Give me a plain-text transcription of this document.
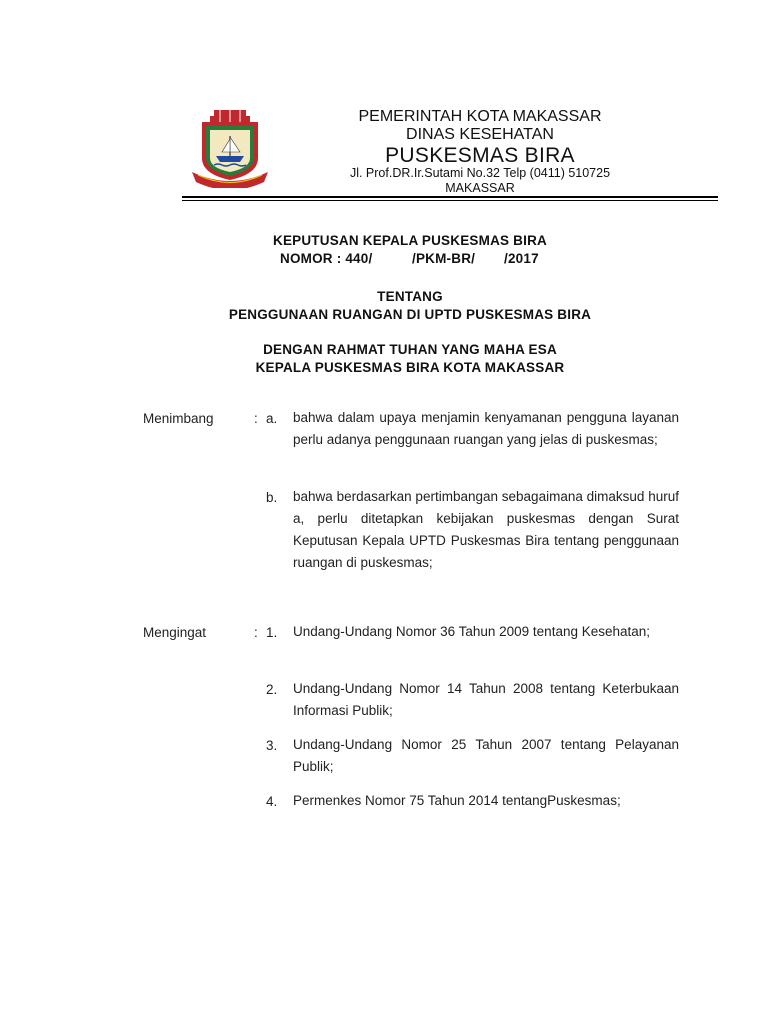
PEMERINTAH KOTA MAKASSAR
DINAS KESEHATAN
PUSKESMAS BIRA
Jl. Prof.DR.Ir.Sutami No.32 Telp (0411) 510725
MAKASSAR
KEPUTUSAN KEPALA PUSKESMAS BIRA
NOMOR : 440/	/PKM-BR/ /2017
TENTANG
PENGGUNAAN RUANGAN DI UPTD PUSKESMAS BIRA
DENGAN RAHMAT TUHAN YANG MAHA ESA
KEPALA PUSKESMAS BIRA KOTA MAKASSAR
Menimbang	: a. bahwa dalam upaya menjamin kenyamanan pengguna layanan perlu adanya penggunaan ruangan yang jelas di puskesmas;
b. bahwa berdasarkan pertimbangan sebagaimana dimaksud huruf a, perlu ditetapkan kebijakan puskesmas dengan Surat Keputusan Kepala UPTD Puskesmas Bira tentang penggunaan ruangan di puskesmas;
Mengingat	: 1. Undang-Undang Nomor 36 Tahun 2009 tentang Kesehatan;
2. Undang-Undang Nomor 14 Tahun 2008 tentang Keterbukaan Informasi Publik;
3. Undang-Undang Nomor 25 Tahun 2007 tentang Pelayanan Publik;
4. Permenkes Nomor 75 Tahun 2014 tentangPuskesmas;
